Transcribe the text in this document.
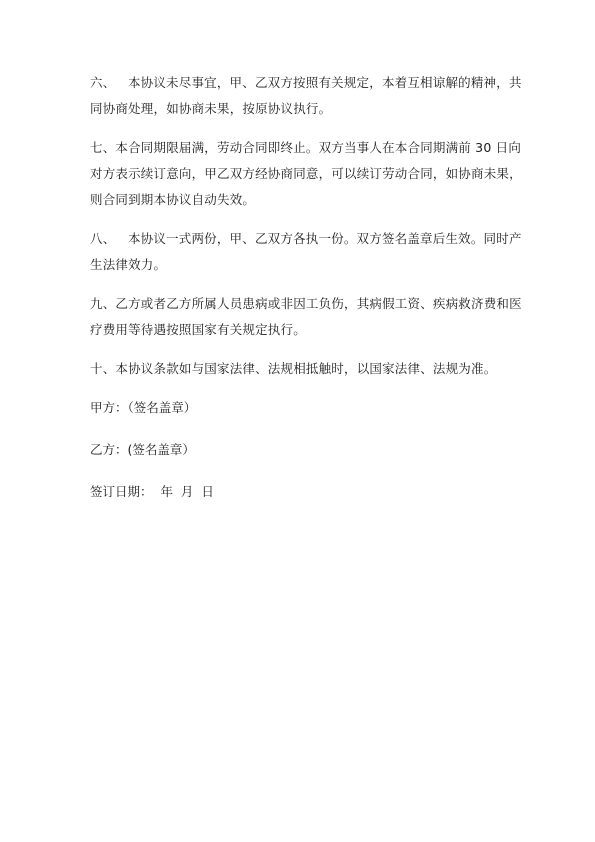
六、 本协议未尽事宜，甲、乙双方按照有关规定，本着互相谅解的精神，共同协商处理，如协商未果，按原协议执行。

七、本合同期限届满，劳动合同即终止。双方当事人在本合同期满前 30 日向对方表示续订意向，甲乙双方经协商同意，可以续订劳动合同，如协商未果，则合同到期本协议自动失效。

八、 本协议一式两份，甲、乙双方各执一份。双方签名盖章后生效。同时产生法律效力。

九、乙方或者乙方所属人员患病或非因工负伤，其病假工资、疾病救济费和医疗费用等待遇按照国家有关规定执行。

十、本协议条款如与国家法律、法规相抵触时，以国家法律、法规为准。

甲方：（签名盖章）
乙方：(签名盖章）
签订日期：  年  月  日
